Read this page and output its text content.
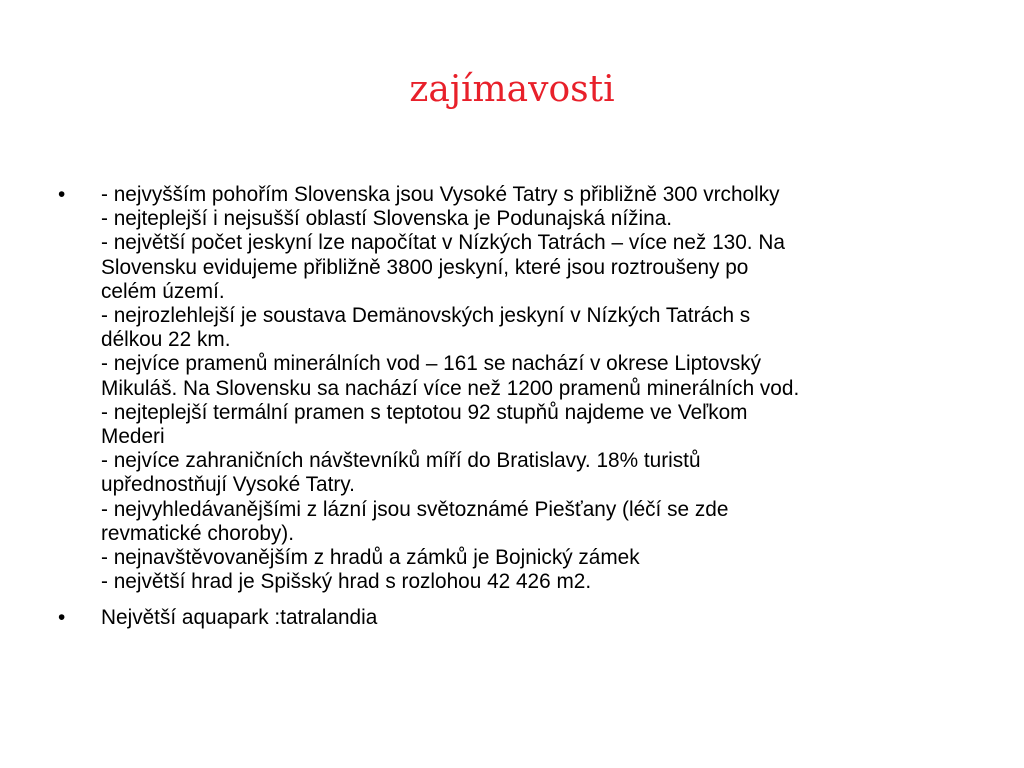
zajímavosti
• - nejvyšším pohořím Slovenska jsou Vysoké Tatry s přibližně 300 vrcholky
- nejteplejší i nejsušší oblastí Slovenska je Podunajská nížina.
- největší počet jeskyní lze napočítat v Nízkých Tatrách – více než 130. Na
Slovensku evidujeme přibližně 3800 jeskyní, které jsou roztroušeny po
celém území.
- nejrozlehlejší je soustava Demänovských jeskyní v Nízkých Tatrách s
délkou 22 km.
- nejvíce pramenů minerálních vod – 161 se nachází v okrese Liptovský
Mikuláš. Na Slovensku sa nachází více než 1200 pramenů minerálních vod.
- nejteplejší termální pramen s teptotou 92 stupňů najdeme ve Veľkom
Mederi
- nejvíce zahraničních návštevníků míří do Bratislavy. 18% turistů
upřednostňují Vysoké Tatry.
- nejvyhledávanějšími z lázní jsou světoznámé Piešťany (léčí se zde
revmatické choroby).
- nejnavštěvovanějším z hradů a zámků je Bojnický zámek
- největší hrad je Spišský hrad s rozlohou 42 426 m2.
• Největší aquapark :tatralandia
